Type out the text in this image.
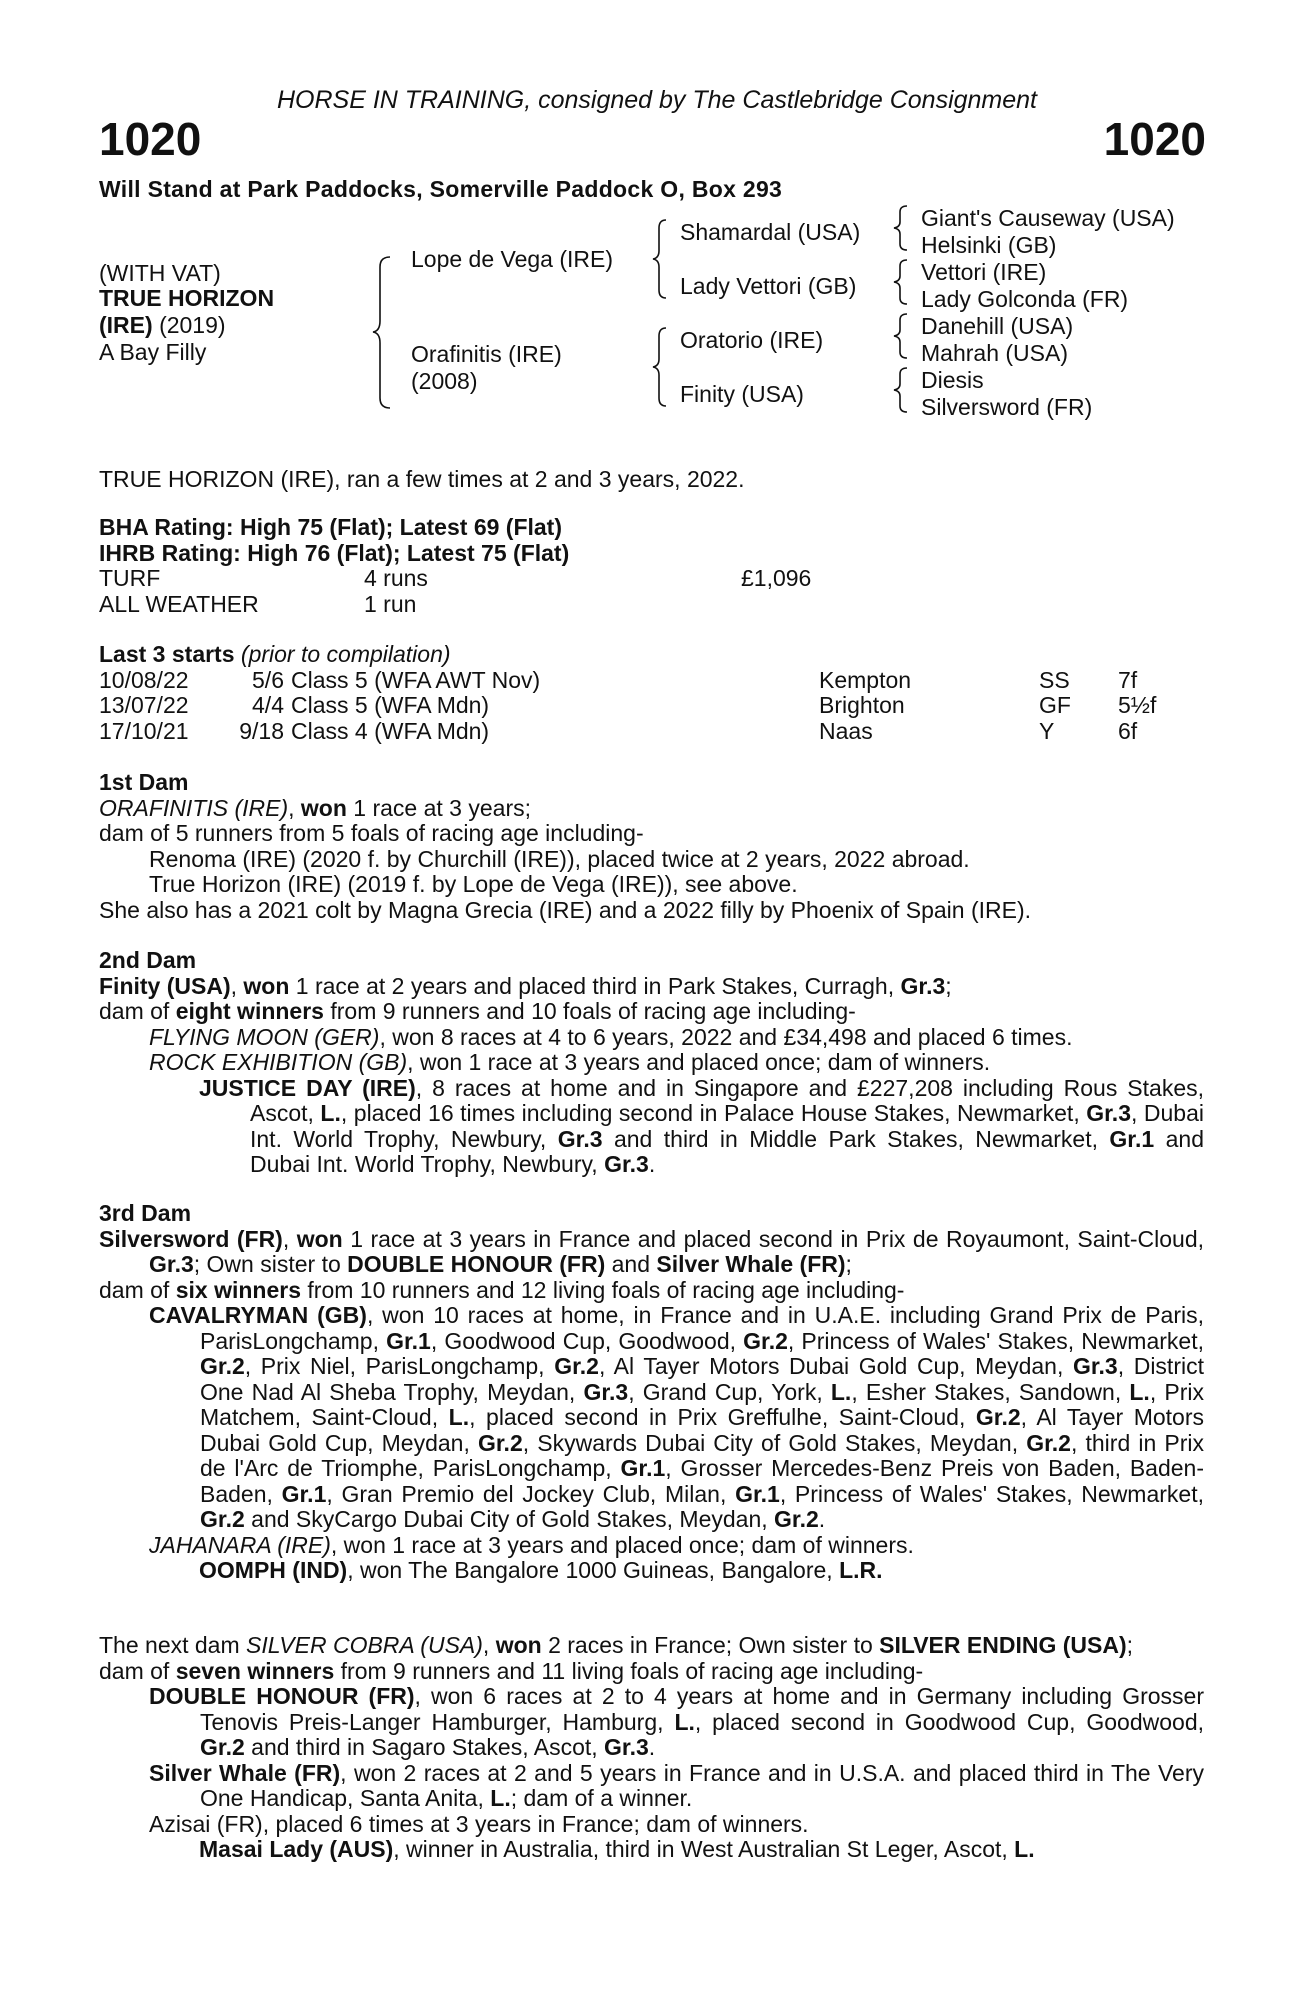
HORSE IN TRAINING, consigned by The Castlebridge Consignment
1020	1020
Will Stand at Park Paddocks, Somerville Paddock O, Box 293
(WITH VAT)
TRUE HORIZON
(IRE) (2019)
A Bay Filly
Lope de Vega (IRE)
Orafinitis (IRE)
(2008)
Shamardal (USA)
Lady Vettori (GB)
Oratorio (IRE)
Finity (USA)
Giant's Causeway (USA)
Helsinki (GB)
Vettori (IRE)
Lady Golconda (FR)
Danehill (USA)
Mahrah (USA)
Diesis
Silversword (FR)
TRUE HORIZON (IRE), ran a few times at 2 and 3 years, 2022.

BHA Rating: High 75 (Flat); Latest 69 (Flat)

IHRB Rating: High 76 (Flat); Latest 75 (Flat)

TURF	4 runs	£1,096
ALL WEATHER	1 run

Last 3 starts (prior to compilation)

10/08/22	5/6 Class 5 (WFA AWT Nov)	Kempton	SS 7f
13/07/22	4/4 Class 5 (WFA Mdn)	Brighton	GF 5½f
17/10/21 9/18 Class 4 (WFA Mdn)	Naas	Y	6f

1st Dam

ORAFINITIS (IRE), won 1 race at 3 years;

dam of 5 runners from 5 foals of racing age including-

Renoma (IRE) (2020 f. by Churchill (IRE)), placed twice at 2 years, 2022 abroad.

True Horizon (IRE) (2019 f. by Lope de Vega (IRE)), see above.

She also has a 2021 colt by Magna Grecia (IRE) and a 2022 filly by Phoenix of Spain (IRE).

2nd Dam

Finity (USA), won 1 race at 2 years and placed third in Park Stakes, Curragh, Gr.3;

dam of eight winners from 9 runners and 10 foals of racing age including-

FLYING MOON (GER), won 8 races at 4 to 6 years, 2022 and £34,498 and placed 6 times.

ROCK EXHIBITION (GB), won 1 race at 3 years and placed once; dam of winners.

JUSTICE DAY (IRE), 8 races at home and in Singapore and £227,208 including Rous Stakes, Ascot, L., placed 16 times including second in Palace House Stakes, Newmarket, Gr.3, Dubai Int. World Trophy, Newbury, Gr.3 and third in Middle Park Stakes, Newmarket, Gr.1 and Dubai Int. World Trophy, Newbury, Gr.3.

3rd Dam

Silversword (FR), won 1 race at 3 years in France and placed second in Prix de Royaumont, Saint-Cloud, Gr.3; Own sister to DOUBLE HONOUR (FR) and Silver Whale (FR);

dam of six winners from 10 runners and 12 living foals of racing age including-

CAVALRYMAN (GB), won 10 races at home, in France and in U.A.E. including Grand Prix de Paris, ParisLongchamp, Gr.1, Goodwood Cup, Goodwood, Gr.2, Princess of Wales' Stakes, Newmarket, Gr.2, Prix Niel, ParisLongchamp, Gr.2, Al Tayer Motors Dubai Gold Cup, Meydan, Gr.3, District One Nad Al Sheba Trophy, Meydan, Gr.3, Grand Cup, York, L., Esher Stakes, Sandown, L., Prix Matchem, Saint-Cloud, L., placed second in Prix Greffulhe, Saint-Cloud, Gr.2, Al Tayer Motors Dubai Gold Cup, Meydan, Gr.2, Skywards Dubai City of Gold Stakes, Meydan, Gr.2, third in Prix de l'Arc de Triomphe, ParisLongchamp, Gr.1, Grosser Mercedes-Benz Preis von Baden, Baden-Baden, Gr.1, Gran Premio del Jockey Club, Milan, Gr.1, Princess of Wales' Stakes, Newmarket, Gr.2 and SkyCargo Dubai City of Gold Stakes, Meydan, Gr.2.

JAHANARA (IRE), won 1 race at 3 years and placed once; dam of winners.

OOMPH (IND), won The Bangalore 1000 Guineas, Bangalore, L.R.

The next dam SILVER COBRA (USA), won 2 races in France; Own sister to SILVER ENDING (USA);

dam of seven winners from 9 runners and 11 living foals of racing age including-

DOUBLE HONOUR (FR), won 6 races at 2 to 4 years at home and in Germany including Grosser Tenovis Preis-Langer Hamburger, Hamburg, L., placed second in Goodwood Cup, Goodwood, Gr.2 and third in Sagaro Stakes, Ascot, Gr.3.

Silver Whale (FR), won 2 races at 2 and 5 years in France and in U.S.A. and placed third in The Very One Handicap, Santa Anita, L.; dam of a winner.

Azisai (FR), placed 6 times at 3 years in France; dam of winners.

Masai Lady (AUS), winner in Australia, third in West Australian St Leger, Ascot, L.
